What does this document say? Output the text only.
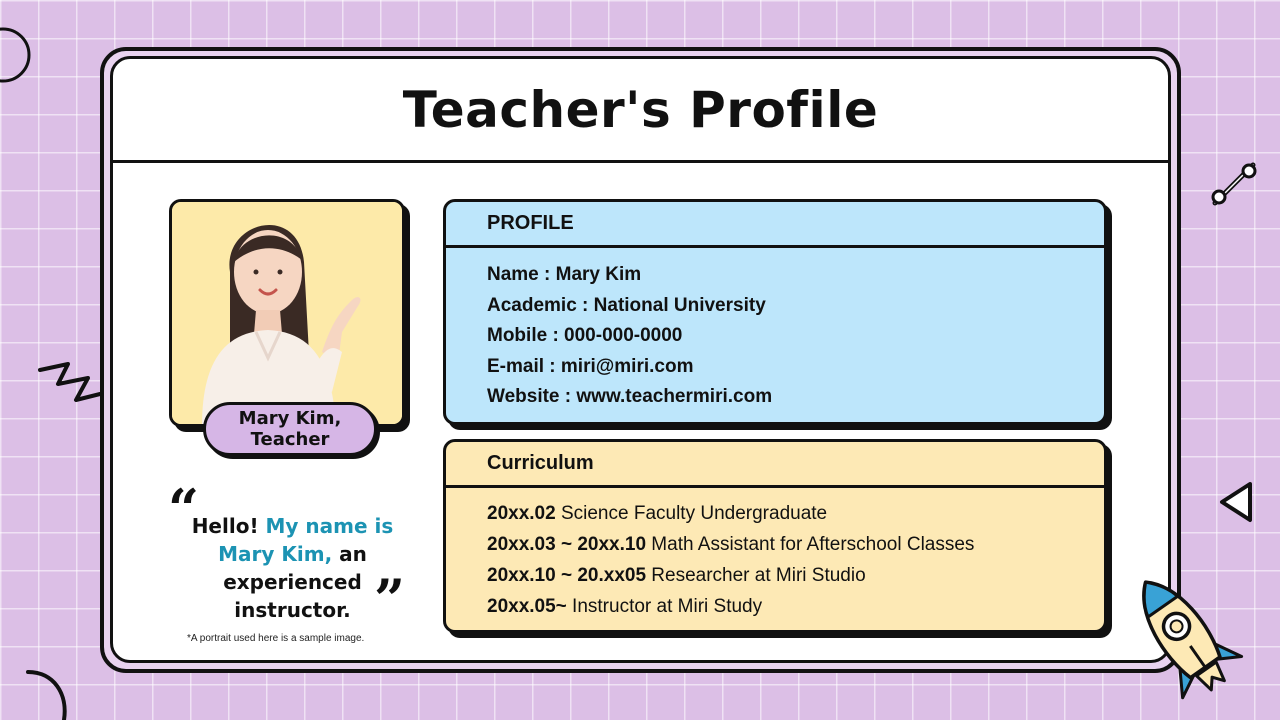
Teacher's Profile
Mary Kim,
Teacher
“
Hello! My name is Mary Kim, an experienced instructor. ”
*A portrait used here is a sample image.
PROFILE
Name : Mary Kim
Academic : National University
Mobile : 000-000-0000
E-mail : miri@miri.com
Website : www.teachermiri.com
Curriculum
20xx.02 Science Faculty Undergraduate
20xx.03 ~ 20xx.10 Math Assistant for Afterschool Classes
20xx.10 ~ 20.xx05 Researcher at Miri Studio
20xx.05~ Instructor at Miri Study
